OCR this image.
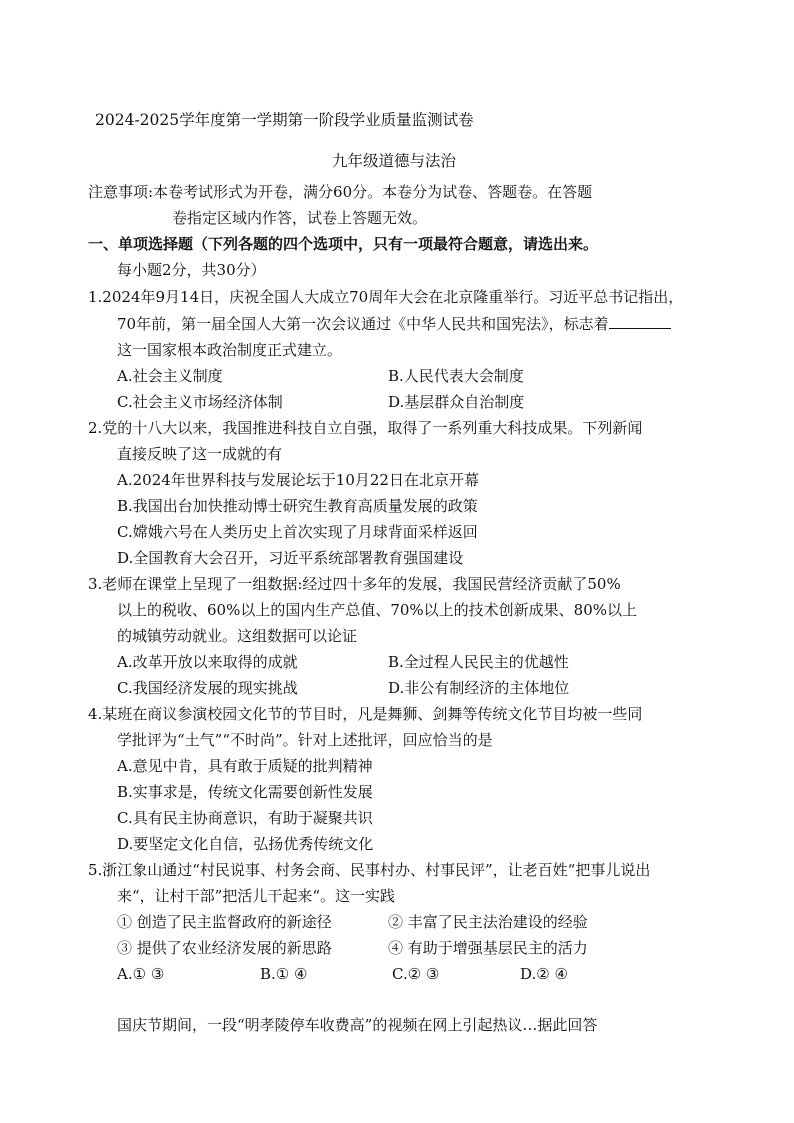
2024-2025学年度第一学期第一阶段学业质量监测试卷
九年级道德与法治
注意事项:本卷考试形式为开卷，满分60分。本卷分为试卷、答题卷。在答题
卷指定区域内作答，试卷上答题无效。
一、单项选择题（下列各题的四个选项中，只有一项最符合题意，请选出来。
每小题2分，共30分）
1.2024年9月14日，庆祝全国人大成立70周年大会在北京隆重举行。习近平总书记指出，
70年前，第一届全国人大第一次会议通过《中华人民共和国宪法》，标志着
这一国家根本政治制度正式建立。
A.社会主义制度	B.人民代表大会制度
C.社会主义市场经济体制	D.基层群众自治制度
2.党的十八大以来，我国推进科技自立自强，取得了一系列重大科技成果。下列新闻
直接反映了这一成就的有
A.2024年世界科技与发展论坛于10月22日在北京开幕
B.我国出台加快推动博士研究生教育高质量发展的政策
C.嫦娥六号在人类历史上首次实现了月球背面采样返回
D.全国教育大会召开，习近平系统部署教育强国建设
3.老师在课堂上呈现了一组数据:经过四十多年的发展，我国民营经济贡献了50%
以上的税收、60%以上的国内生产总值、70%以上的技术创新成果、80%以上
的城镇劳动就业。这组数据可以论证
A.改革开放以来取得的成就	B.全过程人民民主的优越性
C.我国经济发展的现实挑战	D.非公有制经济的主体地位
4.某班在商议参演校园文化节的节目时，凡是舞狮、剑舞等传统文化节目均被一些同
学批评为“土气”“不时尚”。针对上述批评，回应恰当的是
A.意见中肯，具有敢于质疑的批判精神
B.实事求是，传统文化需要创新性发展
C.具有民主协商意识，有助于凝聚共识
D.要坚定文化自信，弘扬优秀传统文化
5.浙江象山通过“村民说事、村务会商、民事村办、村事民评”，让老百姓“把事儿说出
来“，让村干部”把活儿干起来“。这一实践
① 创造了民主监督政府的新途径	② 丰富了民主法治建设的经验
③ 提供了农业经济发展的新思路	④ 有助于增强基层民主的活力
A.① ③	B.① ④	C.② ③	D.② ④
国庆节期间，一段“明孝陵停车收费高”的视频在网上引起热议…据此回答
